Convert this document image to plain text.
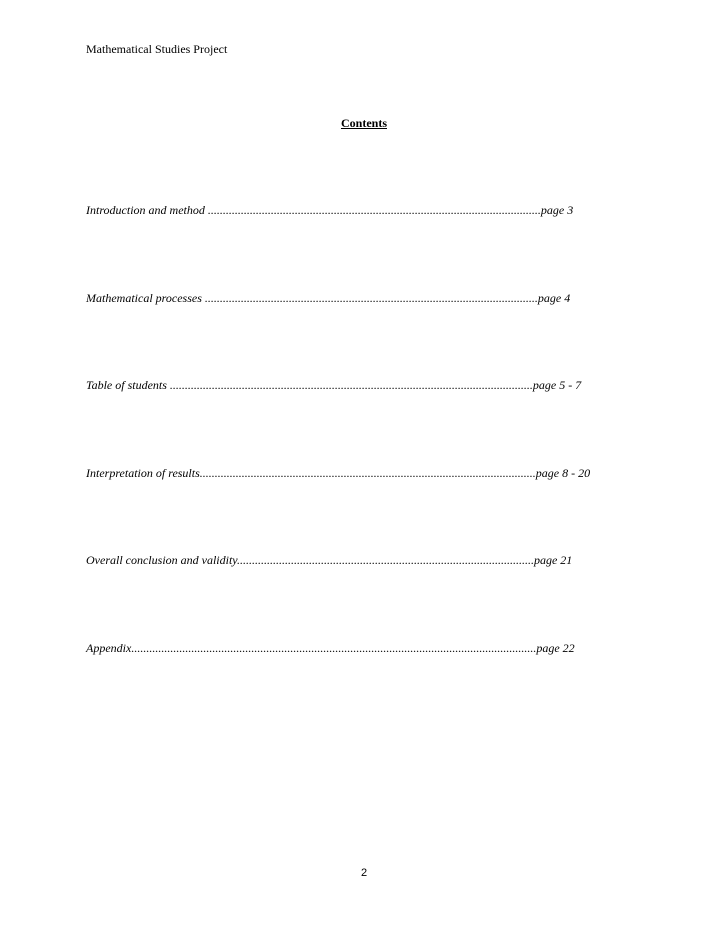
Mathematical Studies Project
Contents
Introduction and method ...............................................................................................................page 3
Mathematical processes ...............................................................................................................page 4
Table of students .........................................................................................................................page 5 - 7
Interpretation of results................................................................................................................page 8 - 20
Overall conclusion and validity...................................................................................................page 21
Appendix.......................................................................................................................................page 22
2
